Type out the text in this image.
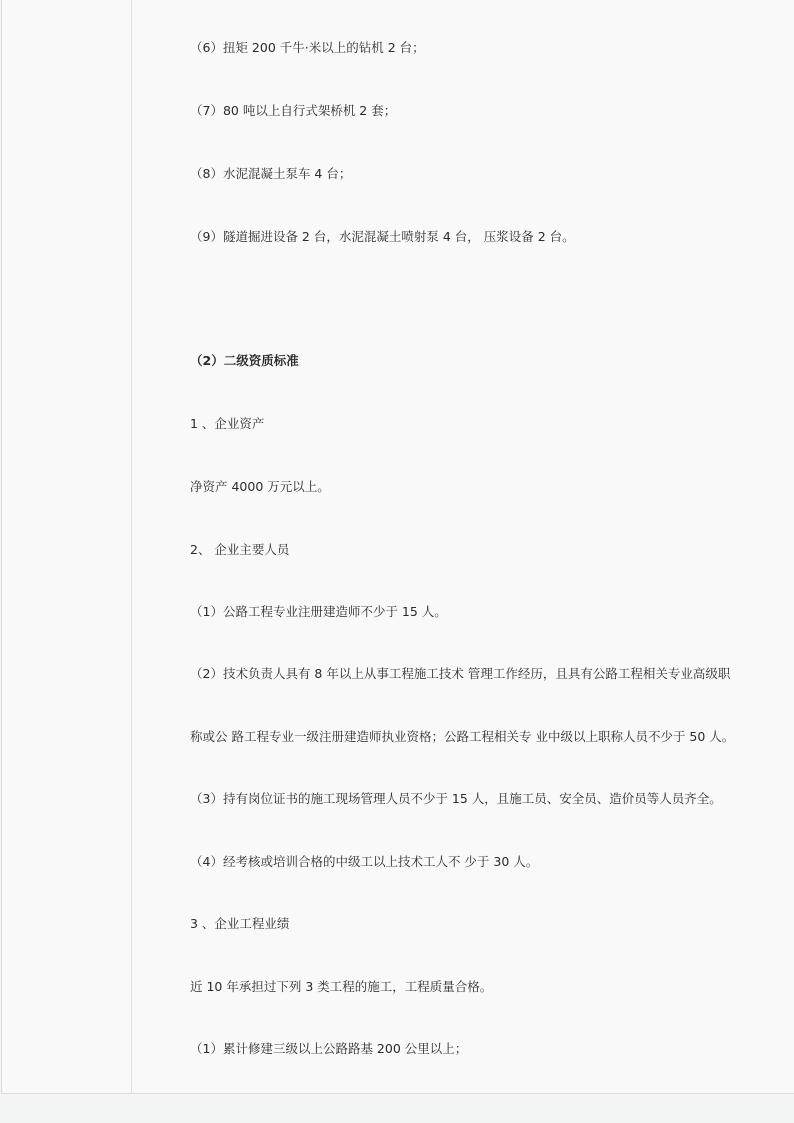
（6）扭矩 200 千牛·米以上的钻机 2 台；
（7）80 吨以上自行式架桥机 2 套；
（8）水泥混凝土泵车 4 台；
（9）隧道掘进设备 2 台，水泥混凝土喷射泵 4 台， 压浆设备 2 台。
（2）二级资质标准
1 、企业资产
净资产 4000 万元以上。
2、 企业主要人员
（1）公路工程专业注册建造师不少于 15 人。
（2）技术负责人具有 8 年以上从事工程施工技术 管理工作经历，且具有公路工程相关专业高级职
称或公 路工程专业一级注册建造师执业资格；公路工程相关专 业中级以上职称人员不少于 50 人。
（3）持有岗位证书的施工现场管理人员不少于 15 人，且施工员、安全员、造价员等人员齐全。
（4）经考核或培训合格的中级工以上技术工人不 少于 30 人。
3 、企业工程业绩
近 10 年承担过下列 3 类工程的施工，工程质量合格。
（1）累计修建三级以上公路路基 200 公里以上；
